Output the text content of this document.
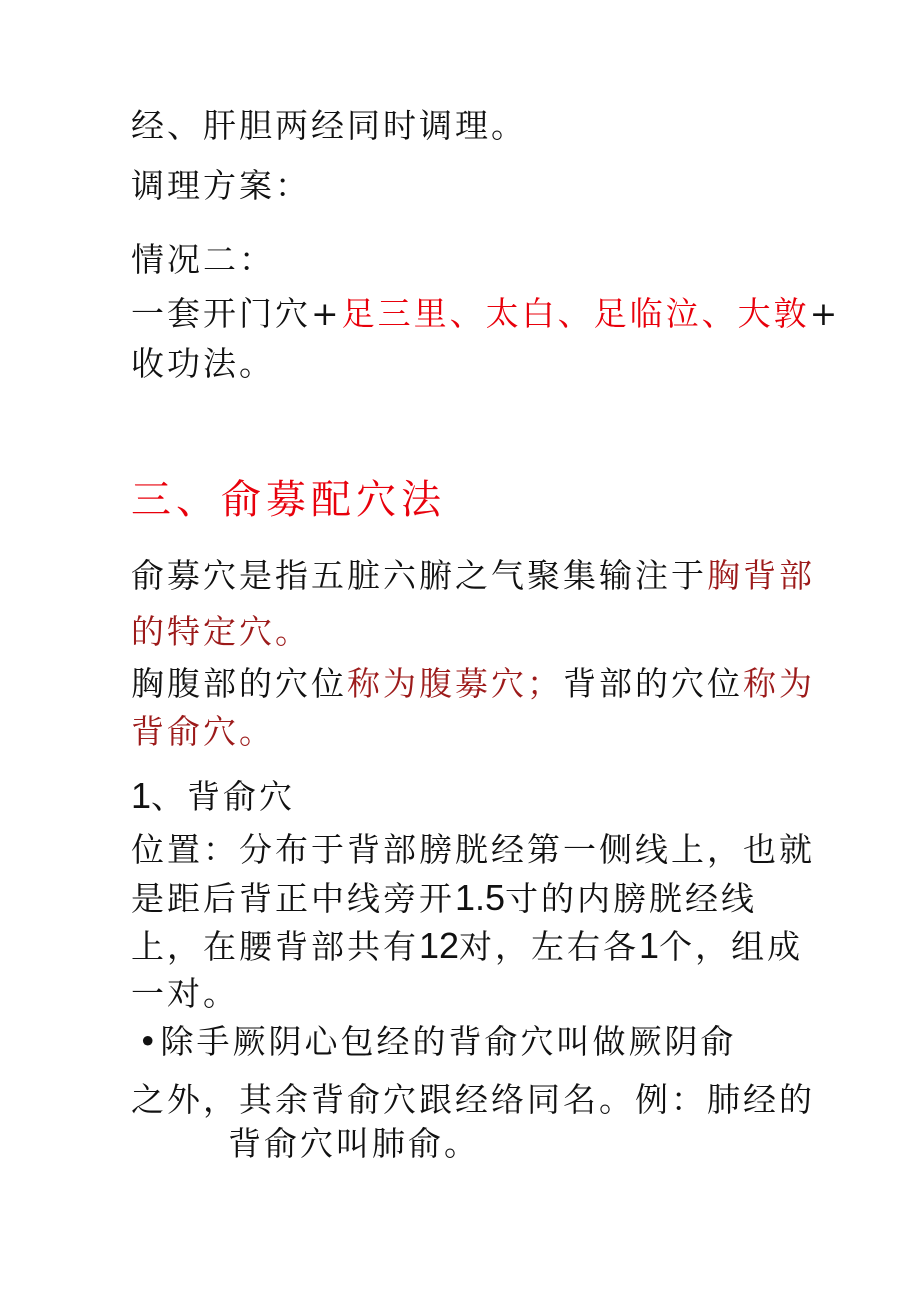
经、肝胆两经同时调理。
调理方案：
情况二：
一套开门穴+足三里、太白、足临泣、大敦+
收功法。
三、俞募配穴法
俞募穴是指五脏六腑之气聚集输注于胸背部
的特定穴。
胸腹部的穴位称为腹募穴；背部的穴位称为
背俞穴。
1、背俞穴
位置：分布于背部膀胱经第一侧线上，也就
是距后背正中线旁开1.5寸的内膀胱经线
上，在腰背部共有12对，左右各1个，组成
一对。
•除手厥阴心包经的背俞穴叫做厥阴俞
之外，其余背俞穴跟经络同名。例：肺经的
背俞穴叫肺俞。
